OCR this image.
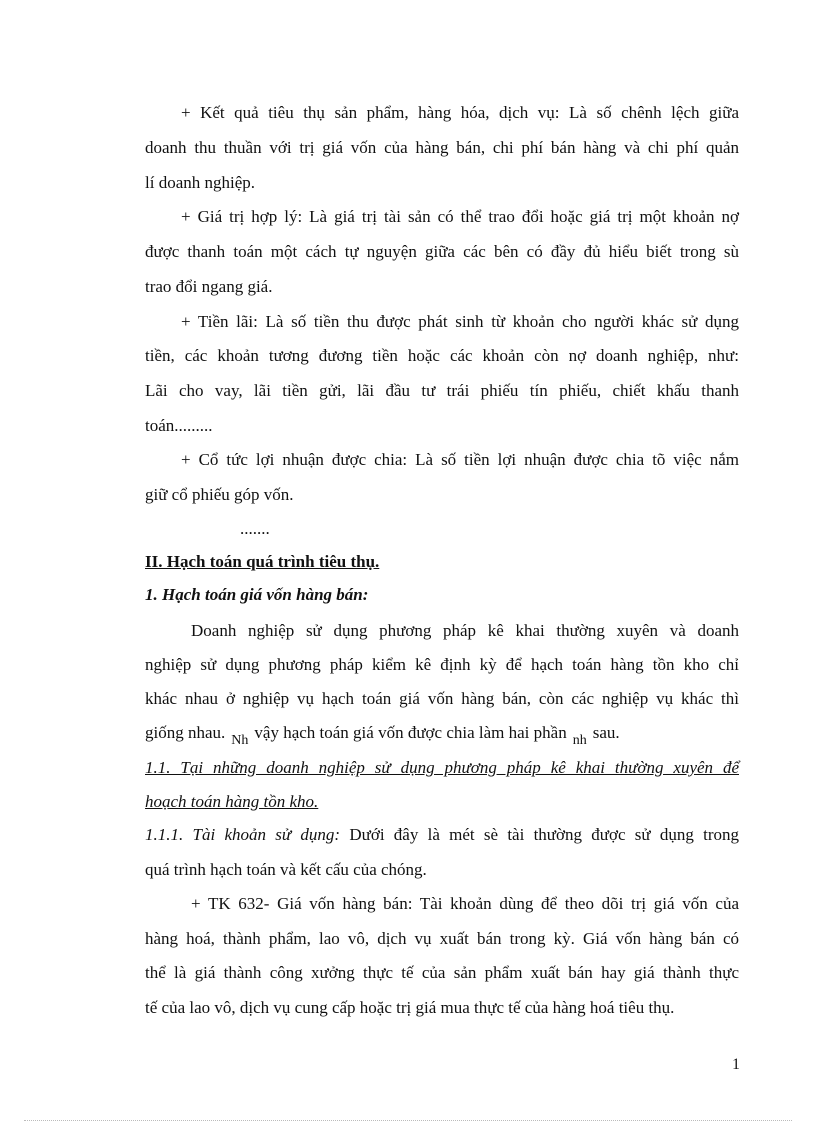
+ Kết quả tiêu thụ sản phẩm, hàng hóa, dịch vụ: Là số chênh lệch giữa
doanh thu thuần với trị giá vốn của hàng bán, chi phí bán hàng và chi phí quản
lí doanh nghiệp.
+ Giá trị hợp lý: Là giá trị tài sản có thể trao đổi hoặc giá trị một khoản nợ
được thanh toán một cách tự nguyện giữa các bên có đầy đủ hiểu biết trong sù
trao đổi ngang giá.
+ Tiền lãi: Là số tiền thu được phát sinh từ khoản cho người khác sử dụng
tiền, các khoản tương đương tiền hoặc các khoản còn nợ doanh nghiệp, như:
Lãi cho vay, lãi tiền gửi, lãi đầu tư trái phiếu tín phiếu, chiết khấu thanh
toán.........
+ Cổ tức lợi nhuận được chia: Là số tiền lợi nhuận được chia tõ việc nắm
giữ cổ phiếu góp vốn.
.......
II. Hạch toán quá trình tiêu thụ.
1. Hạch toán giá vốn hàng bán:
Doanh nghiệp sử dụng phương pháp kê khai thường xuyên và doanh
nghiệp sử dụng phương pháp kiểm kê định kỳ để hạch toán hàng tồn kho chỉ
khác nhau ở nghiệp vụ hạch toán giá vốn hàng bán, còn các nghiệp vụ khác thì
giống nhau. $_{Nh}$ vậy hạch toán giá vốn được chia làm hai phần $_{nh}$ sau.
1.1. Tại những doanh nghiệp sử dụng phương pháp kê khai thường xuyên để
hoạch toán hàng tồn kho.
1.1.1. Tài khoản sử dụng: Dưới đây là mét sè tài thường được sử dụng trong
quá trình hạch toán và kết cấu của chóng.
+ TK 632- Giá vốn hàng bán: Tài khoản dùng để theo dõi trị giá vốn của
hàng hoá, thành phẩm, lao vô, dịch vụ xuất bán trong kỳ. Giá vốn hàng bán có
thể là giá thành công xưởng thực tế của sản phẩm xuất bán hay giá thành thực
tế của lao vô, dịch vụ cung cấp hoặc trị giá mua thực tế của hàng hoá tiêu thụ.
1
